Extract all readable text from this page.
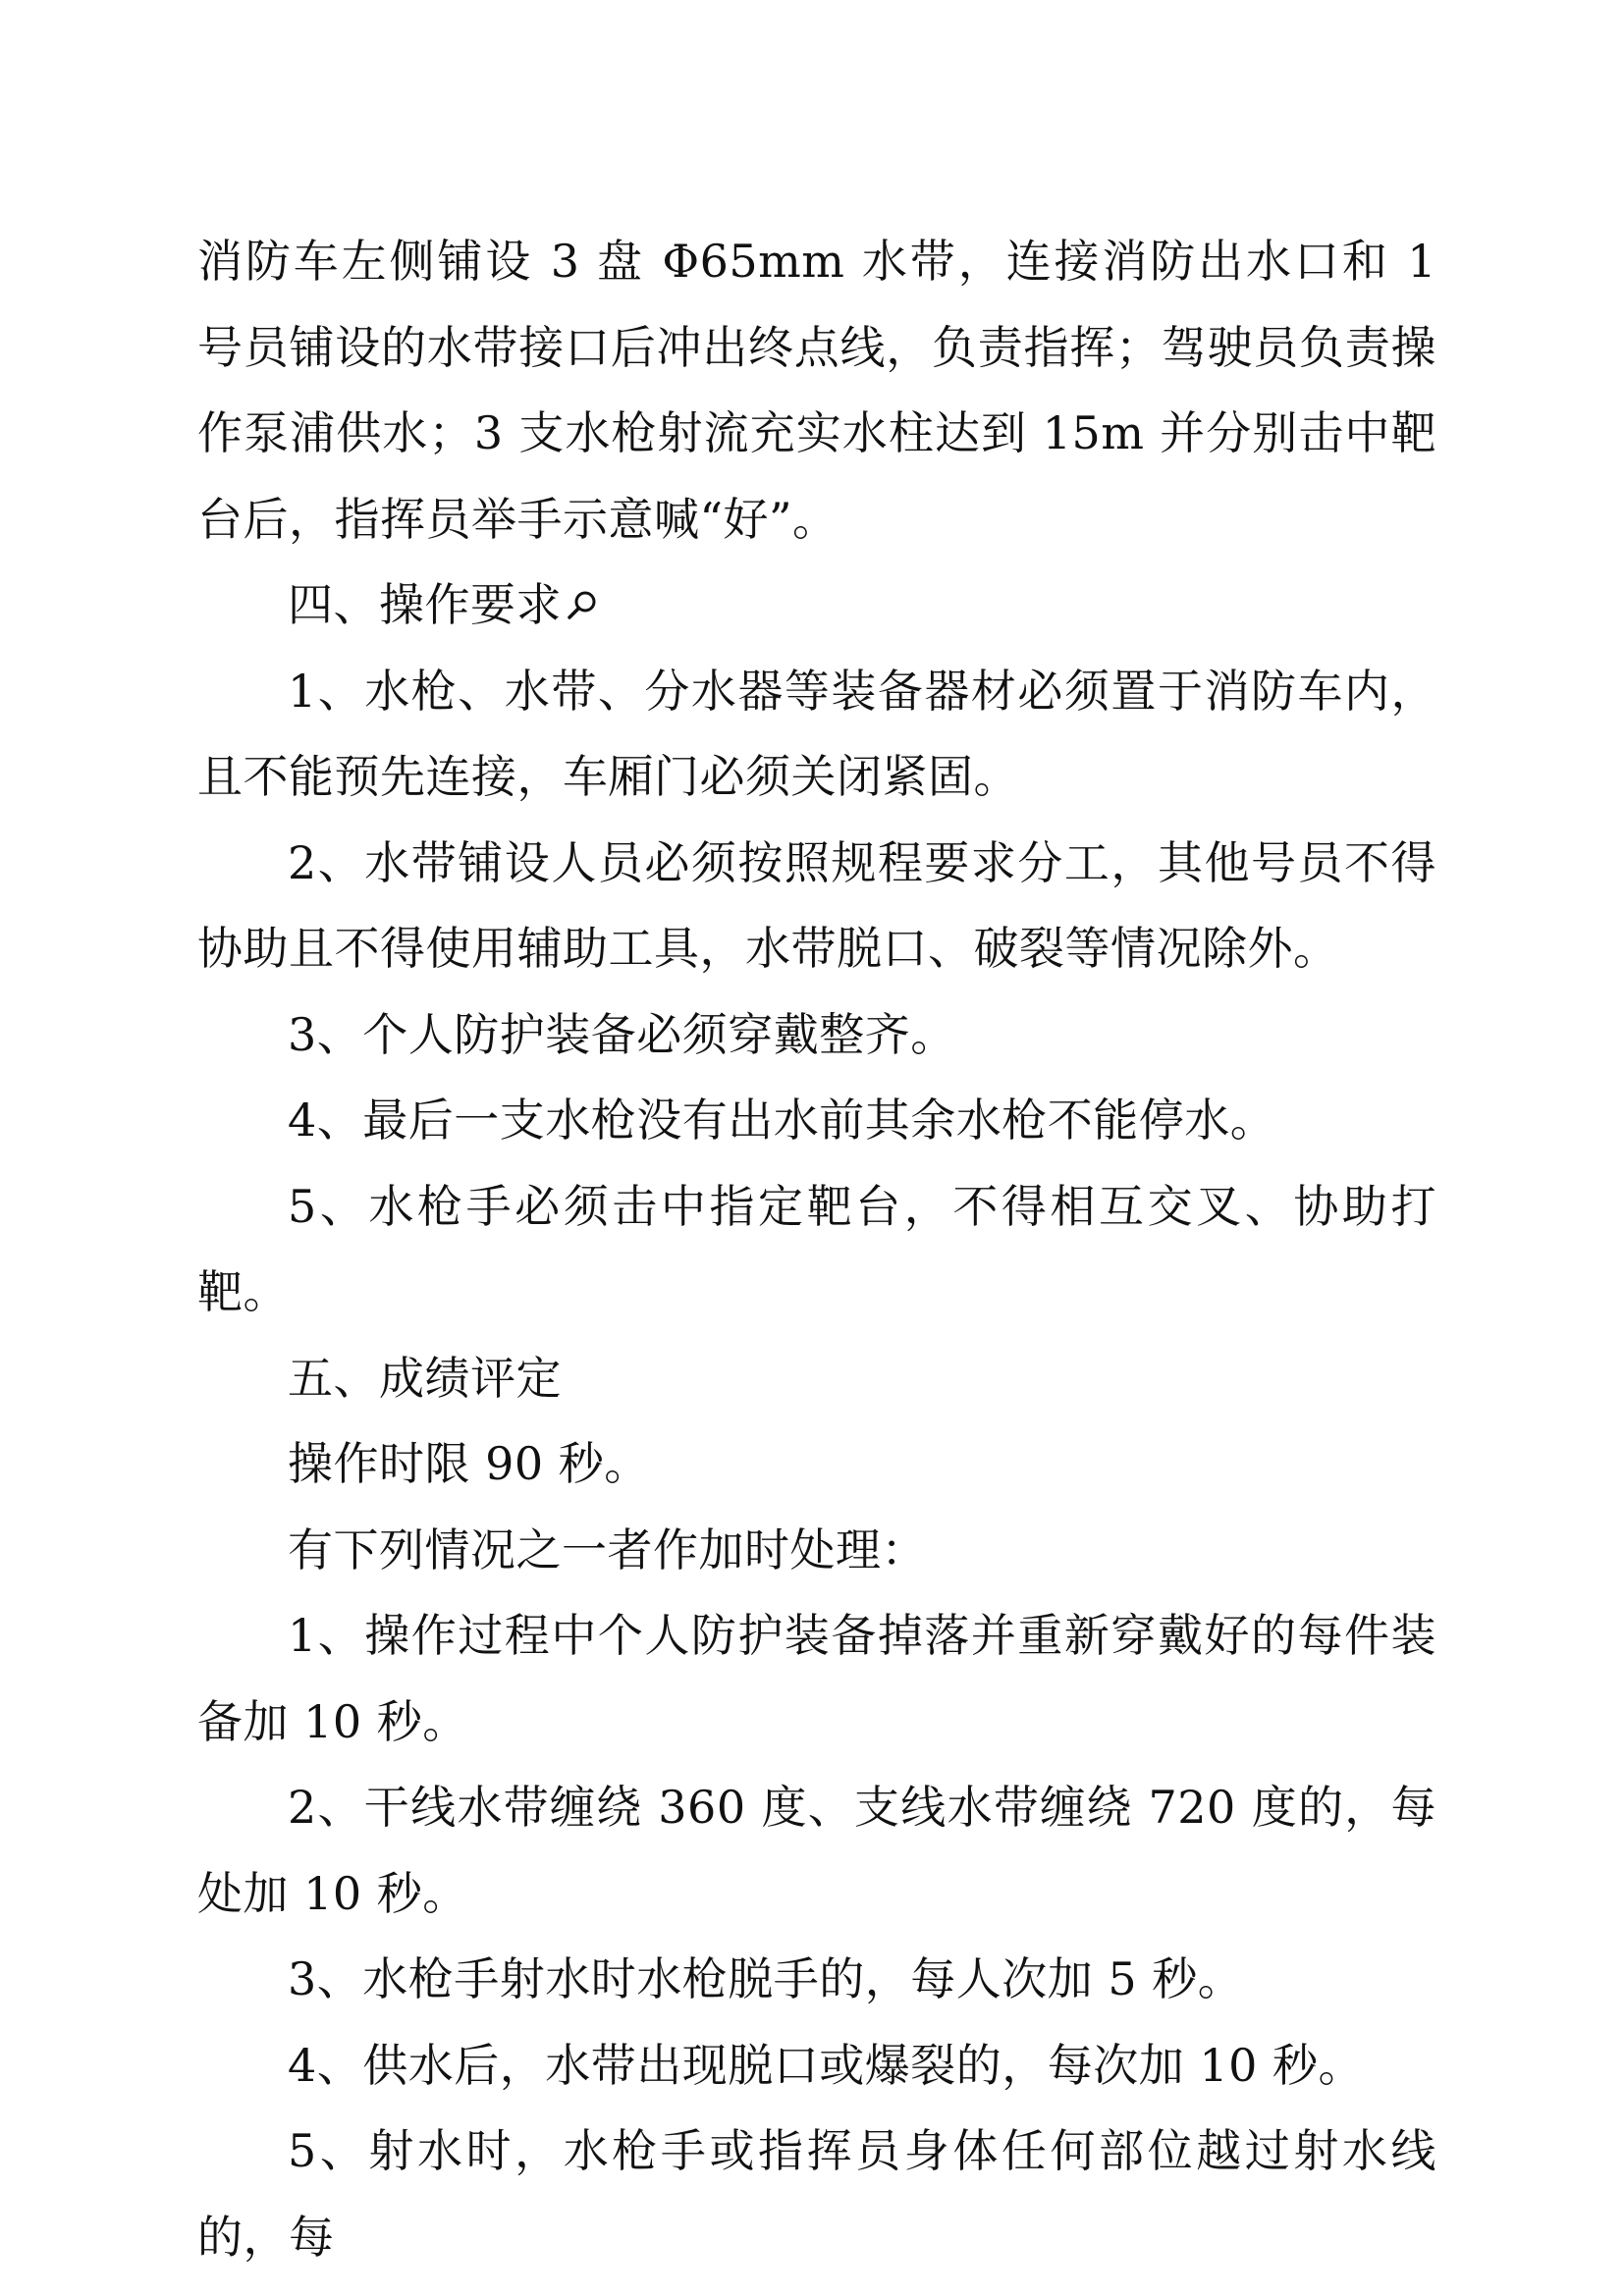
消防车左侧铺设 3 盘 Φ65mm 水带，连接消防出水口和 1 号员铺设的水带接口后冲出终点线，负责指挥；驾驶员负责操作泵浦供水；3 支水枪射流充实水柱达到 15m 并分别击中靶台后，指挥员举手示意喊“好”。

四、操作要求

1、水枪、水带、分水器等装备器材必须置于消防车内，且不能预先连接，车厢门必须关闭紧固。

2、水带铺设人员必须按照规程要求分工，其他号员不得协助且不得使用辅助工具，水带脱口、破裂等情况除外。

3、个人防护装备必须穿戴整齐。

4、最后一支水枪没有出水前其余水枪不能停水。

5、水枪手必须击中指定靶台，不得相互交叉、协助打靶。

五、成绩评定

操作时限 90 秒。

有下列情况之一者作加时处理：

1、操作过程中个人防护装备掉落并重新穿戴好的每件装备加 10 秒。

2、干线水带缠绕 360 度、支线水带缠绕 720 度的，每处加 10 秒。

3、水枪手射水时水枪脱手的，每人次加 5 秒。

4、供水后，水带出现脱口或爆裂的，每次加 10 秒。

5、射水时，水枪手或指挥员身体任何部位越过射水线的，每
